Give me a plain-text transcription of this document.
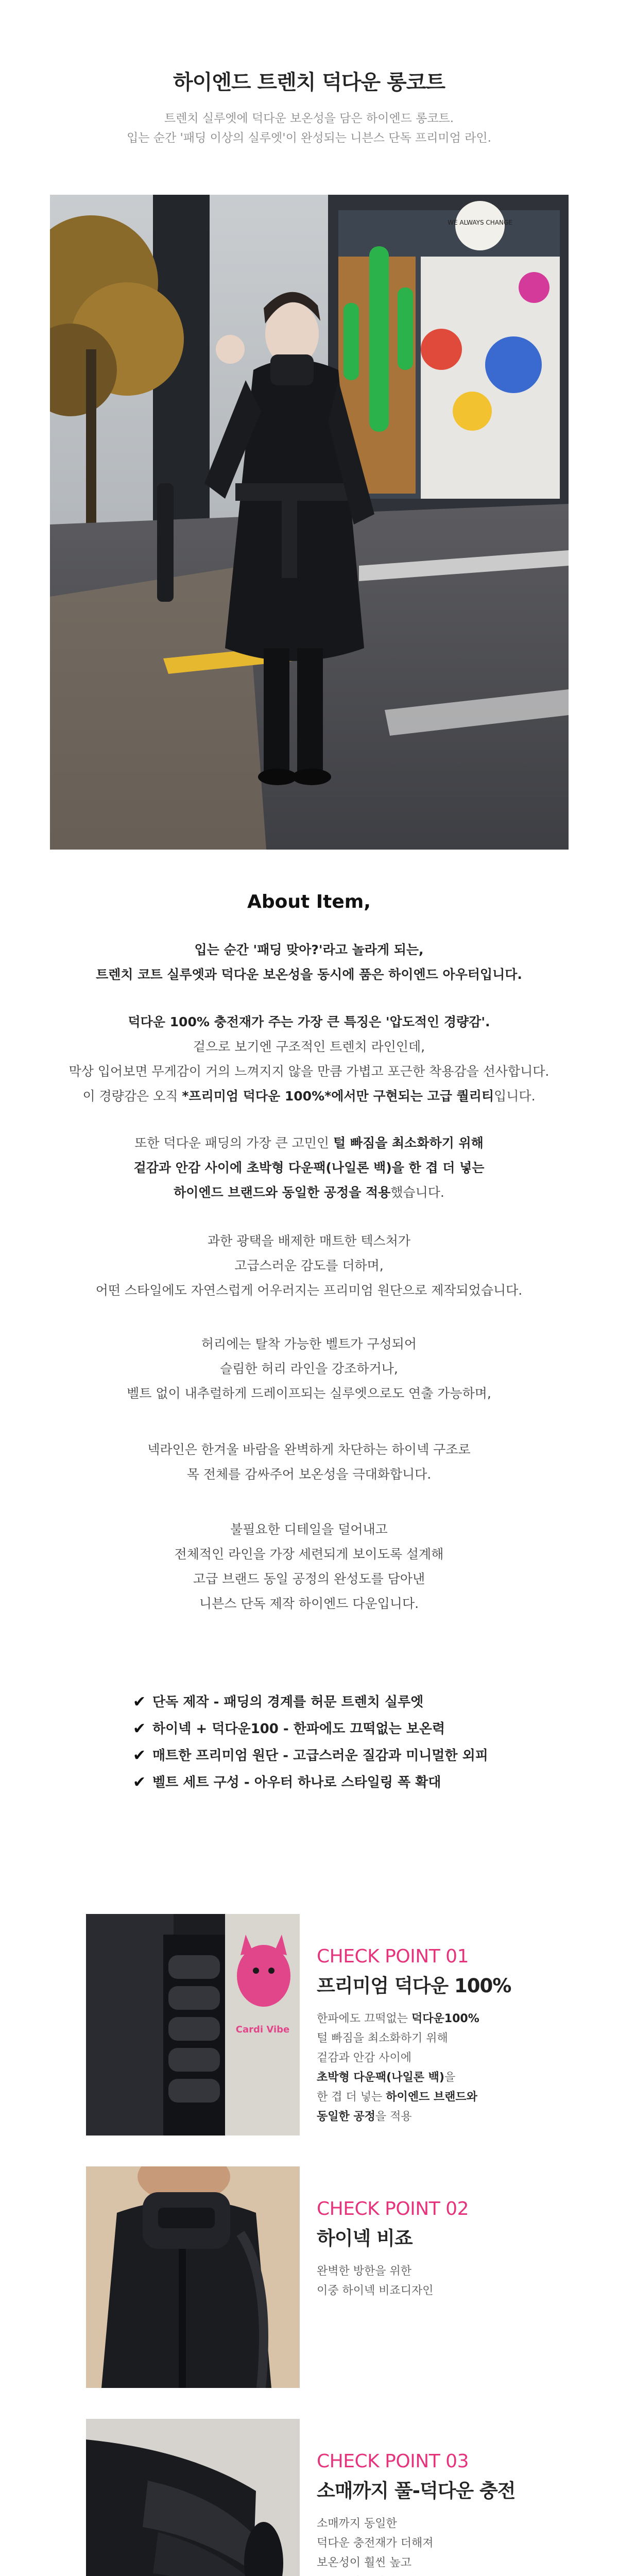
하이엔드 트렌치 덕다운 롱코트

트렌치 실루엣에 덕다운 보온성을 담은 하이엔드 롱코트.

입는 순간 '패딩 이상의 실루엣'이 완성되는 니븐스 단독 프리미엄 라인.

WE ALWAYS CHANGE
About Item,
입는 순간 '패딩 맞아?'라고 놀라게 되는,
트렌치 코트 실루엣과 덕다운 보온성을 동시에 품은 하이엔드 아우터입니다.
덕다운 100% 충전재가 주는 가장 큰 특징은 '압도적인 경량감'.
겉으로 보기엔 구조적인 트렌치 라인인데,
막상 입어보면 무게감이 거의 느껴지지 않을 만큼 가볍고 포근한 착용감을 선사합니다.
이 경량감은 오직 *프리미엄 덕다운 100%*에서만 구현되는 고급 퀄리티입니다.
또한 덕다운 패딩의 가장 큰 고민인 털 빠짐을 최소화하기 위해
겉감과 안감 사이에 초박형 다운팩(나일론 백)을 한 겹 더 넣는
하이엔드 브랜드와 동일한 공정을 적용했습니다.
과한 광택을 배제한 매트한 텍스처가
고급스러운 감도를 더하며,
어떤 스타일에도 자연스럽게 어우러지는 프리미엄 원단으로 제작되었습니다.
허리에는 탈착 가능한 벨트가 구성되어
슬림한 허리 라인을 강조하거나,
벨트 없이 내추럴하게 드레이프되는 실루엣으로도 연출 가능하며,
넥라인은 한겨울 바람을 완벽하게 차단하는 하이넥 구조로
목 전체를 감싸주어 보온성을 극대화합니다.
불필요한 디테일을 덜어내고
전체적인 라인을 가장 세련되게 보이도록 설계해
고급 브랜드 동일 공정의 완성도를 담아낸
니븐스 단독 제작 하이엔드 다운입니다.
✔ 단독 제작 - 패딩의 경계를 허문 트렌치 실루엣
✔ 하이넥 + 덕다운100 - 한파에도 끄떡없는 보온력
✔ 매트한 프리미엄 원단 - 고급스러운 질감과 미니멀한 외피
✔ 벨트 세트 구성 - 아우터 하나로 스타일링 폭 확대
Cardi Vibe
CHECK POINT 01
프리미엄 덕다운 100%
한파에도 끄떡없는 덕다운100%
털 빠짐을 최소화하기 위해
겉감과 안감 사이에
초박형 다운팩(나일론 백)을
한 겹 더 넣는 하이엔드 브랜드와
동일한 공정을 적용
CHECK POINT 02
하이넥 비죠
완벽한 방한을 위한
이중 하이넥 비죠디자인
CHECK POINT 03
소매까지 풀-덕다운 충전
소매까지 동일한
덕다운 충전재가 더해져
보온성이 훨씬 높고
